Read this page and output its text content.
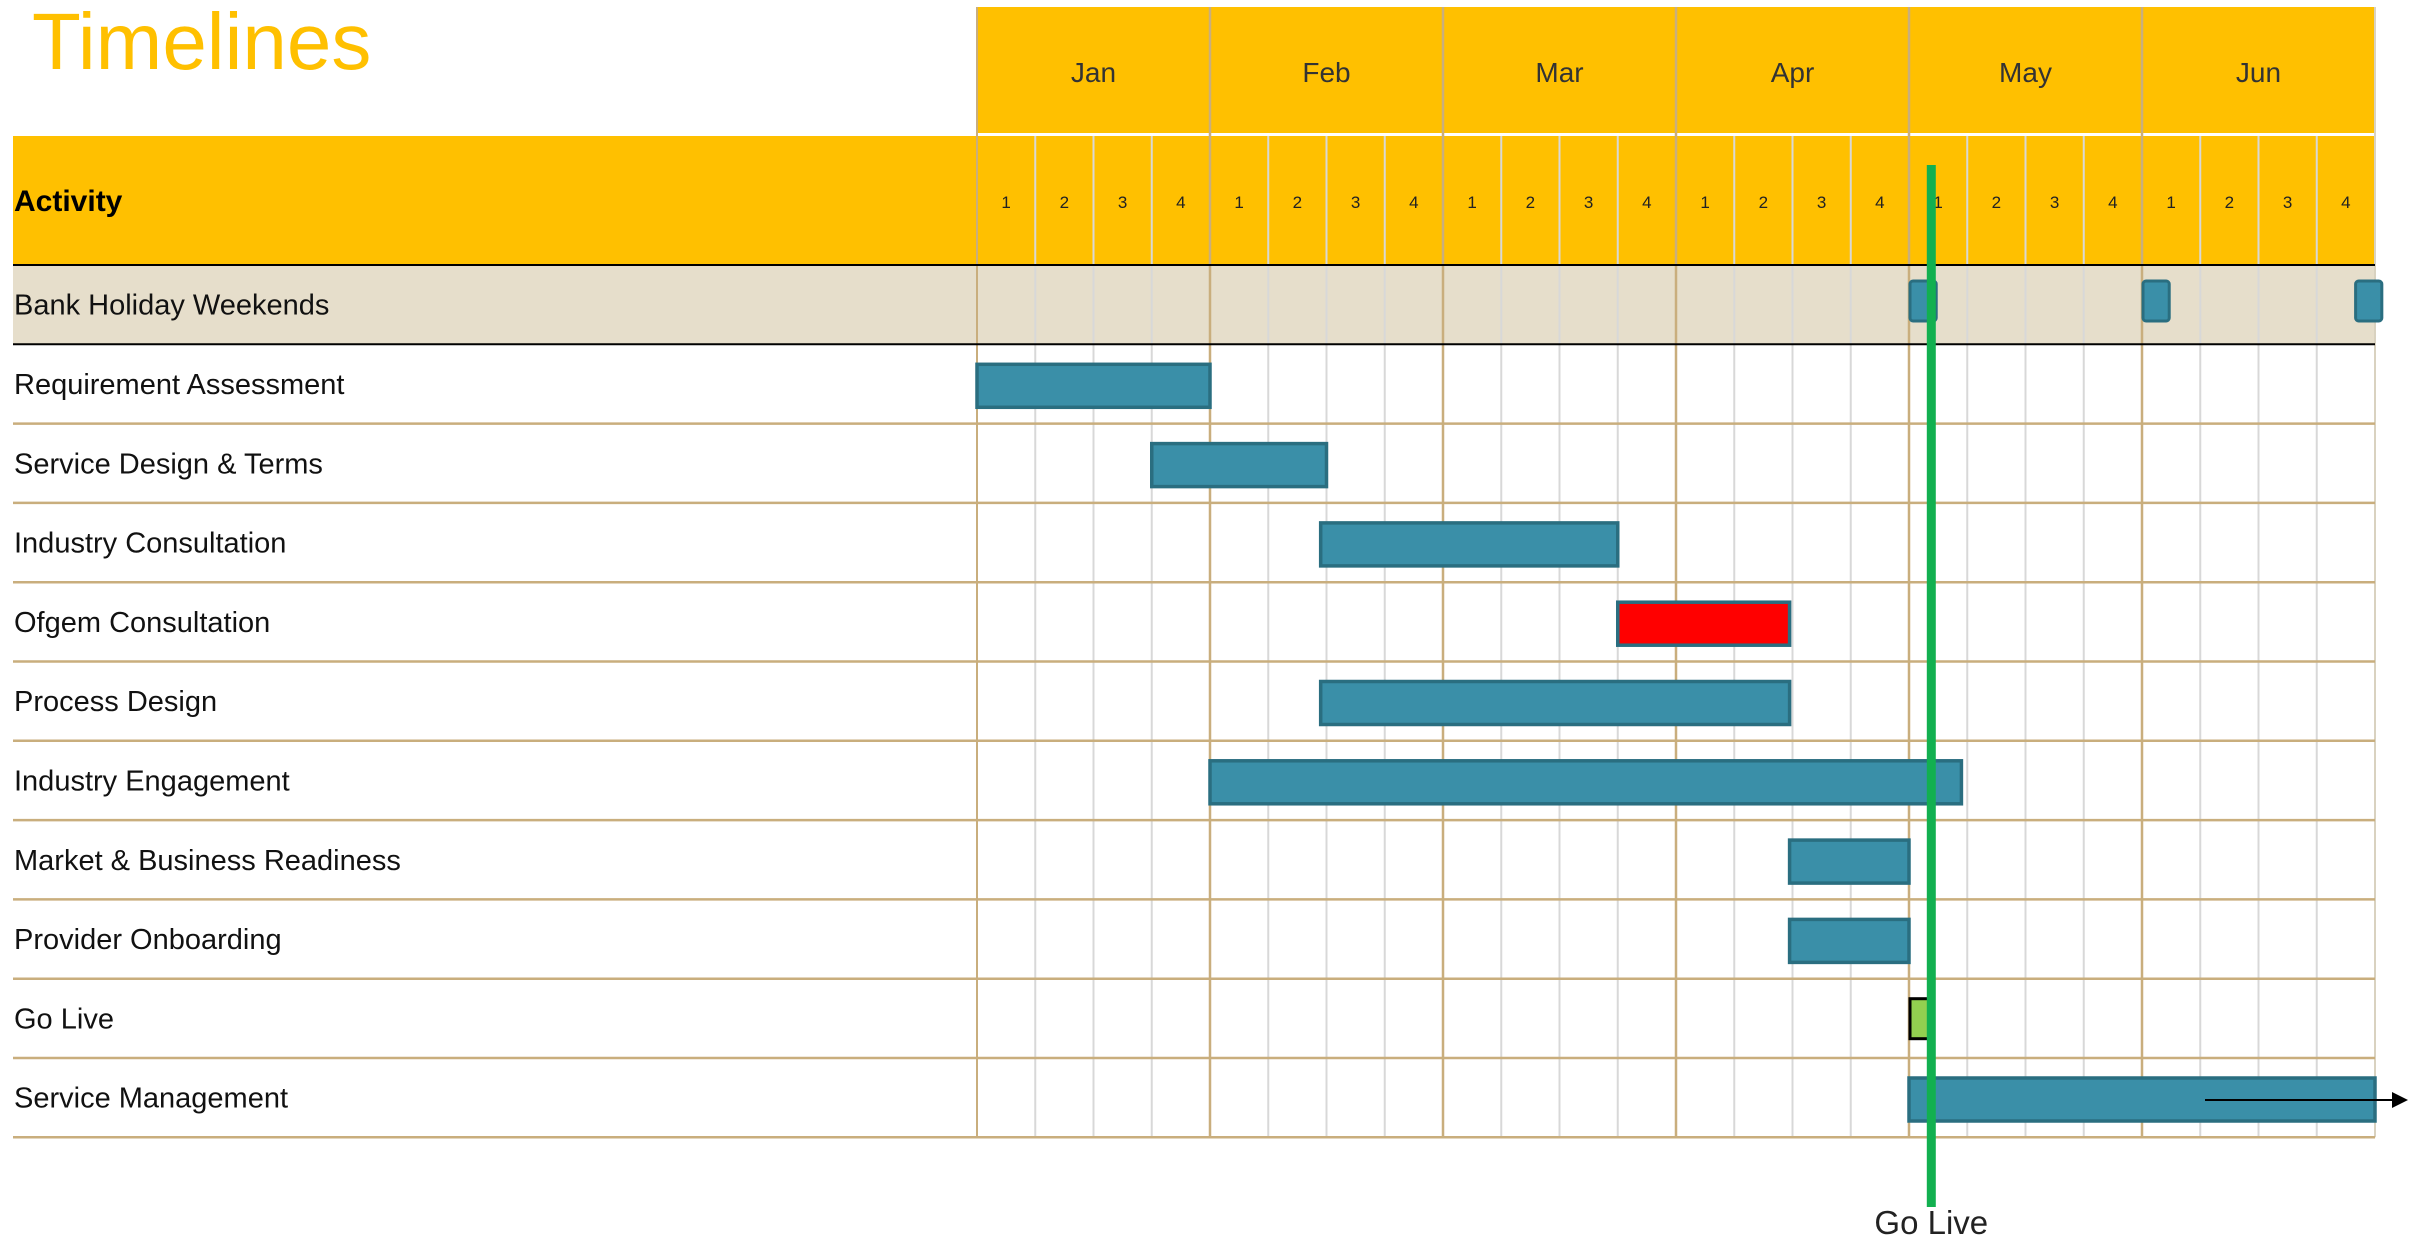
Timelines	Jan	Feb	Mar	Apr	May	Jun
1	2	3	4	1	2	3	4	1	2	3	4	1	2	3	4	1	2	3	4	1	2	3	4
Activity
Bank Holiday Weekends
Requirement Assessment
Service Design & Terms
Industry Consultation
Ofgem Consultation
Process Design
Industry Engagement
Market & Business Readiness
Provider Onboarding
Go Live
Service Management
Go Live
